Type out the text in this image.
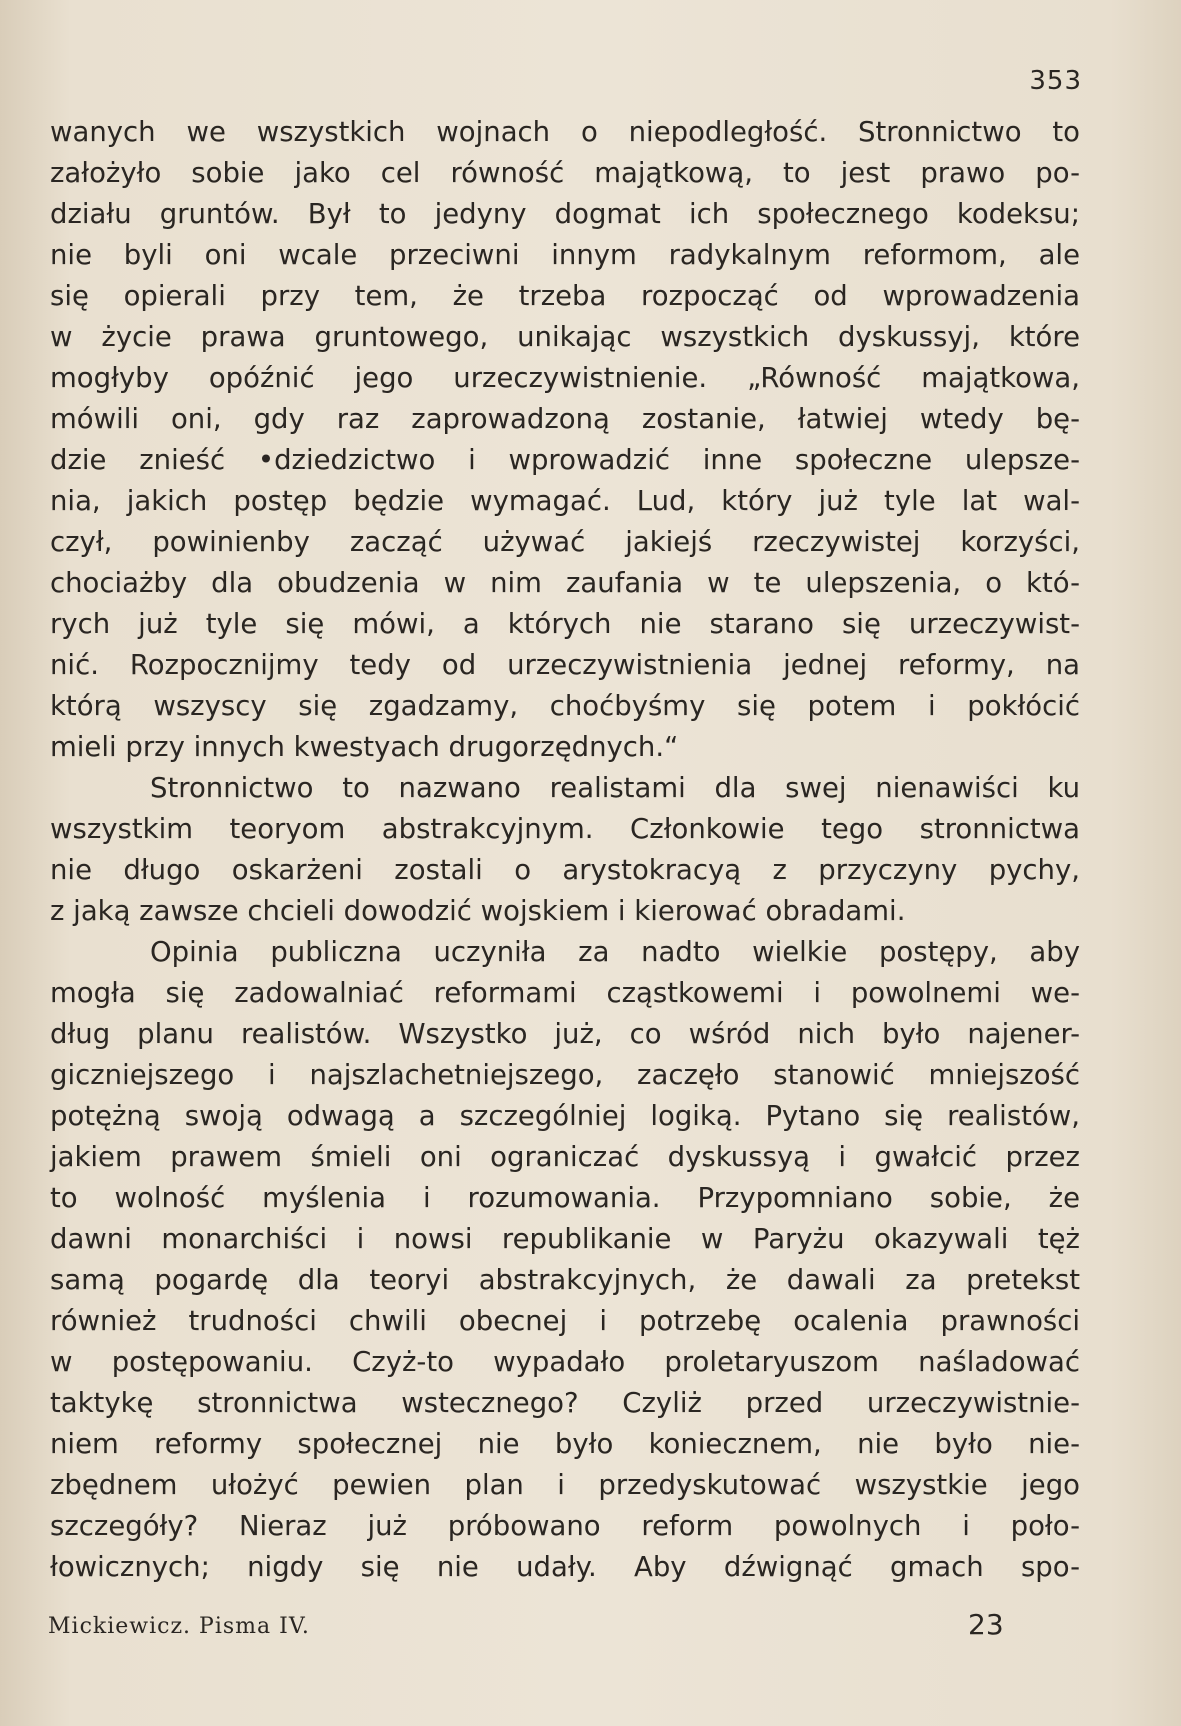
353
wanych we wszystkich wojnach o niepodległość. Stronnictwo to
założyło sobie jako cel równość majątkową, to jest prawo po-
działu gruntów. Był to jedyny dogmat ich społecznego kodeksu;
nie byli oni wcale przeciwni innym radykalnym reformom, ale
się opierali przy tem, że trzeba rozpocząć od wprowadzenia
w życie prawa gruntowego, unikając wszystkich dyskussyj, które
mogłyby opóźnić jego urzeczywistnienie. „Równość majątkowa,
mówili oni, gdy raz zaprowadzoną zostanie, łatwiej wtedy bę-
dzie znieść •dziedzictwo i wprowadzić inne społeczne ulepsze-
nia, jakich postęp będzie wymagać. Lud, który już tyle lat wal-
czył, powinienby zacząć używać jakiejś rzeczywistej korzyści,
chociażby dla obudzenia w nim zaufania w te ulepszenia, o któ-
rych już tyle się mówi, a których nie starano się urzeczywist-
nić. Rozpocznijmy tedy od urzeczywistnienia jednej reformy, na
którą wszyscy się zgadzamy, choćbyśmy się potem i pokłócić
mieli przy innych kwestyach drugorzędnych.“
Stronnictwo to nazwano realistami dla swej nienawiści ku
wszystkim teoryom abstrakcyjnym. Członkowie tego stronnictwa
nie długo oskarżeni zostali o arystokracyą z przyczyny pychy,
z jaką zawsze chcieli dowodzić wojskiem i kierować obradami.
Opinia publiczna uczyniła za nadto wielkie postępy, aby
mogła się zadowalniać reformami cząstkowemi i powolnemi we-
dług planu realistów. Wszystko już, co wśród nich było najener-
giczniejszego i najszlachetniejszego, zaczęło stanowić mniejszość
potężną swoją odwagą a szczególniej logiką. Pytano się realistów,
jakiem prawem śmieli oni ograniczać dyskussyą i gwałcić przez
to wolność myślenia i rozumowania. Przypomniano sobie, że
dawni monarchiści i nowsi republikanie w Paryżu okazywali tęż
samą pogardę dla teoryi abstrakcyjnych, że dawali za pretekst
również trudności chwili obecnej i potrzebę ocalenia prawności
w postępowaniu. Czyż-to wypadało proletaryuszom naśladować
taktykę stronnictwa wstecznego? Czyliż przed urzeczywistnie-
niem reformy społecznej nie było koniecznem, nie było nie-
zbędnem ułożyć pewien plan i przedyskutować wszystkie jego
szczegóły? Nieraz już próbowano reform powolnych i poło-
łowicznych; nigdy się nie udały. Aby dźwignąć gmach spo-
Mickiewicz. Pisma IV.	23
